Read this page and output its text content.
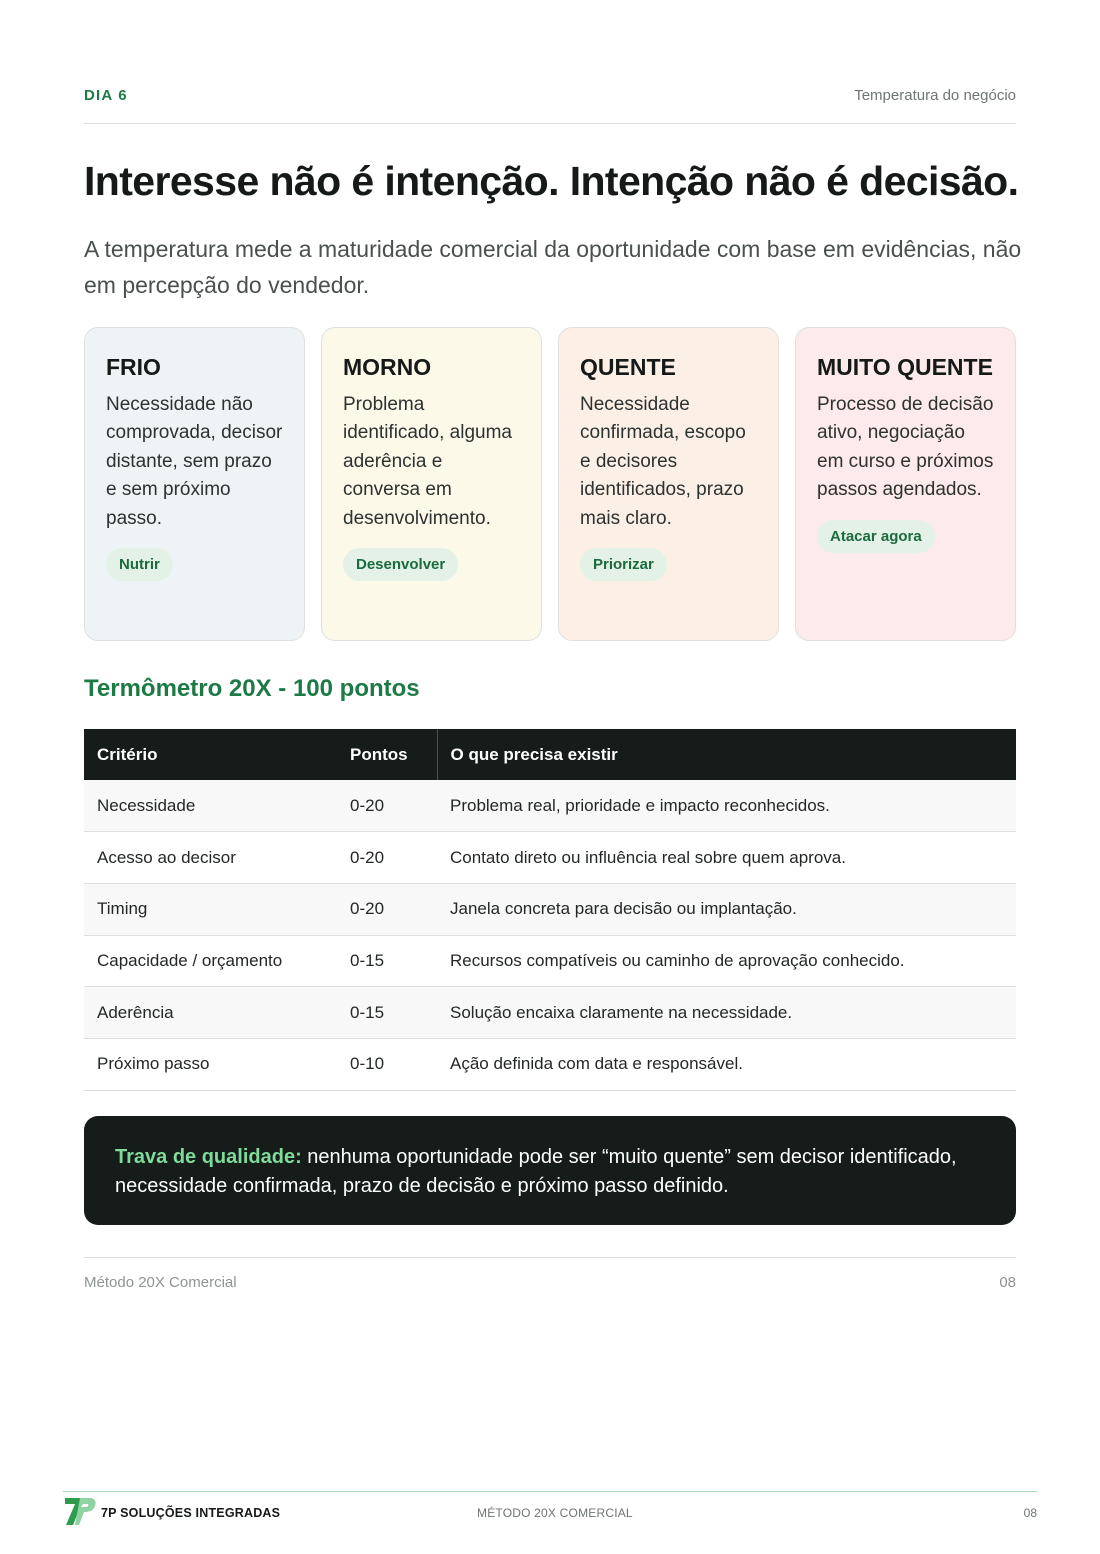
DIA 6	Temperatura do negócio
Interesse não é intenção. Intenção não é decisão.

A temperatura mede a maturidade comercial da oportunidade com base em evidências, não em percepção do vendedor.

FRIO
Necessidade não comprovada, decisor distante, sem prazo e sem próximo passo.
Nutrir
MORNO
Problema identificado, alguma aderência e conversa em desenvolvimento.
Desenvolver
QUENTE
Necessidade confirmada, escopo e decisores identificados, prazo mais claro.
Priorizar
MUITO QUENTE
Processo de decisão ativo, negociação em curso e próximos passos agendados.
Atacar agora
Termômetro 20X - 100 pontos
Critério	Pontos	O que precisa existir
Necessidade	0-20	Problema real, prioridade e impacto reconhecidos.
Acesso ao decisor	0-20	Contato direto ou influência real sobre quem aprova.
Timing	0-20	Janela concreta para decisão ou implantação.
Capacidade / orçamento	0-15	Recursos compatíveis ou caminho de aprovação conhecido.
Aderência	0-15	Solução encaixa claramente na necessidade.
Próximo passo	0-10	Ação definida com data e responsável.
Trava de qualidade: nenhuma oportunidade pode ser “muito quente” sem decisor identificado, necessidade confirmada, prazo de decisão e próximo passo definido.
Método 20X Comercial	08
7P SOLUÇÕES INTEGRADAS	MÉTODO 20X COMERCIAL	08
